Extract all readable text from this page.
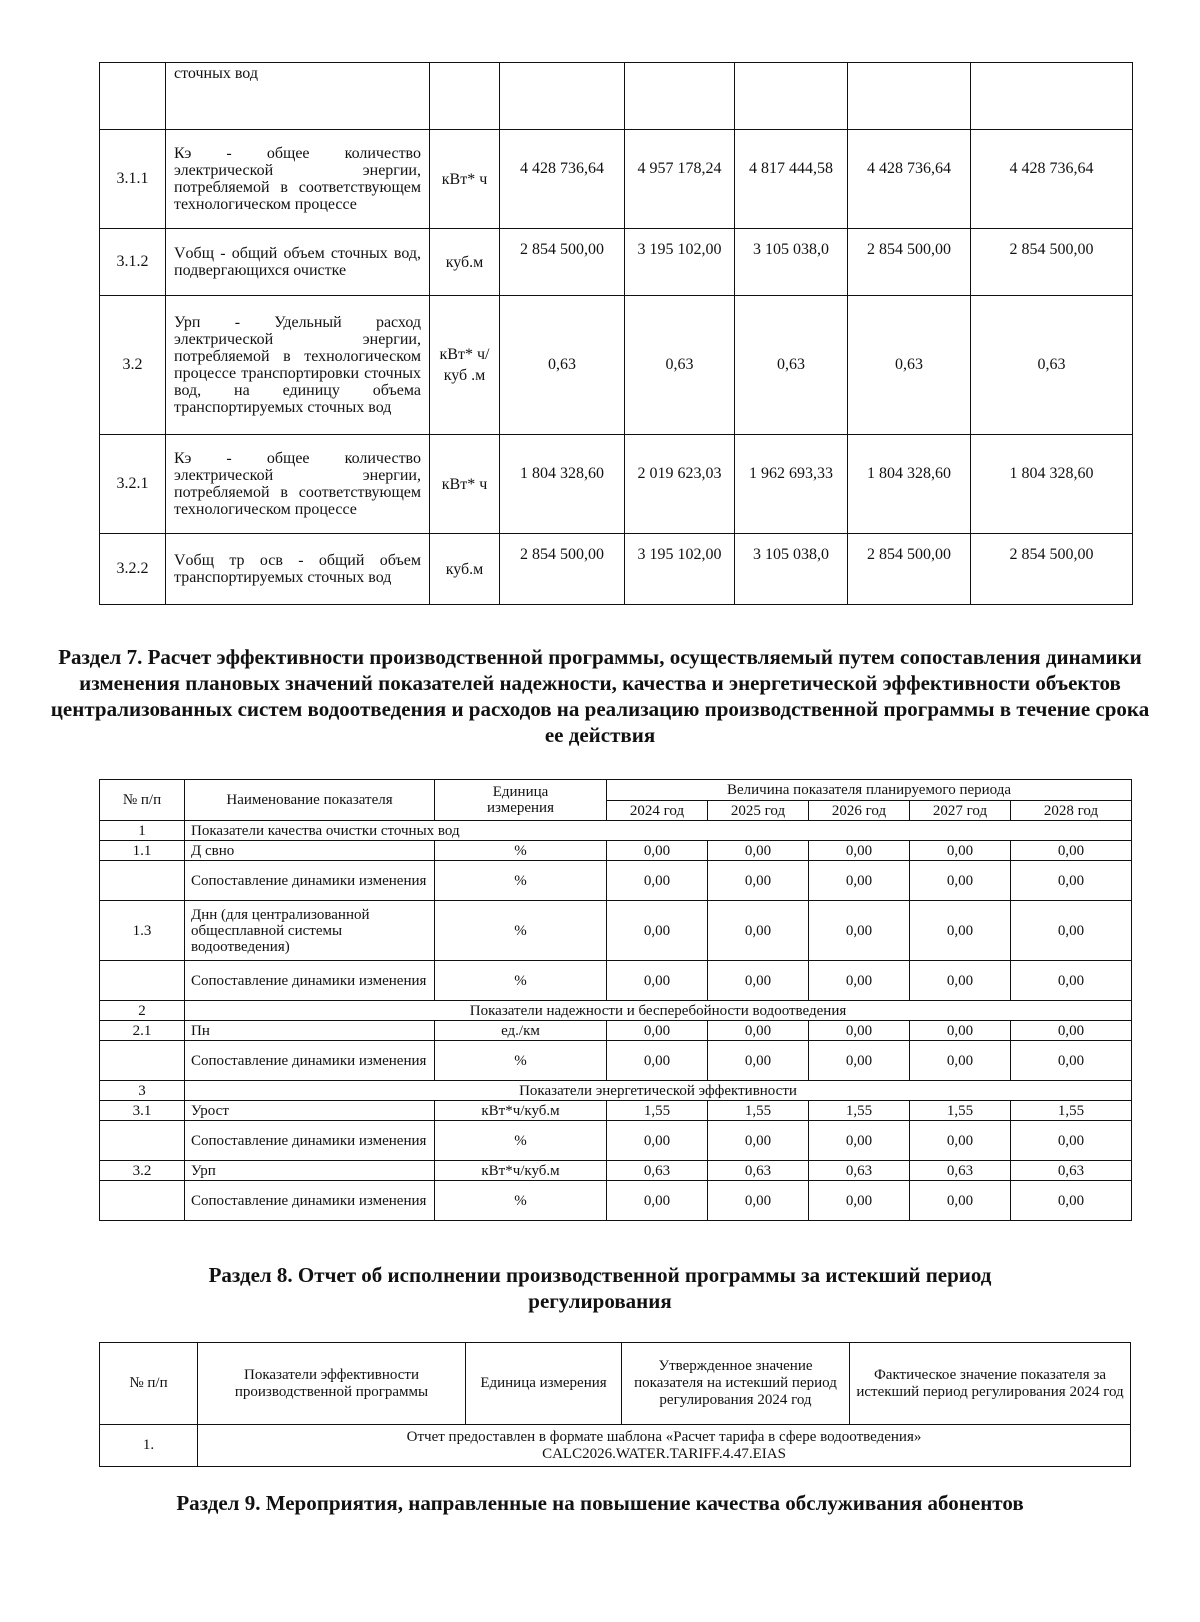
	сточных вод						
3.1.1	Кэ - общее количество электрической энергии, потребляемой в соответствующем технологическом процессе	кВт* ч	4 428 736,64	4 957 178,24	4 817 444,58	4 428 736,64	4 428 736,64
3.1.2	Vобщ - общий объем сточных вод, подвергающихся очистке	куб.м	2 854 500,00	3 195 102,00	3 105 038,0	2 854 500,00	2 854 500,00
3.2	Урп - Удельный расход электрической энергии, потребляемой в технологическом процессе транспортировки сточных вод, на единицу объема транспортируемых сточных вод	кВт* ч/куб .м	0,63	0,63	0,63	0,63	0,63
3.2.1	Кэ - общее количество электрической энергии, потребляемой в соответствующем технологическом процессе	кВт* ч	1 804 328,60	2 019 623,03	1 962 693,33	1 804 328,60	1 804 328,60
3.2.2	Vобщ тр осв - общий объем транспортируемых сточных вод	куб.м	2 854 500,00	3 195 102,00	3 105 038,0	2 854 500,00	2 854 500,00
Раздел 7. Расчет эффективности производственной программы, осуществляемый путем сопоставления динамики изменения плановых значений показателей надежности, качества и энергетической эффективности объектов централизованных систем водоотведения и расходов на реализацию производственной программы в течение срока ее действия
№ п/п	Наименование показателя	Единица измерения	Величина показателя планируемого периода				
			2024 год	2025 год	2026 год	2027 год	2028 год
1	Показатели качества очистки сточных вод						
1.1	Д свно	%	0,00	0,00	0,00	0,00	0,00
	Сопоставление динамики изменения	%	0,00	0,00	0,00	0,00	0,00
1.3	Днн (для централизованной общесплавной системы водоотведения)	%	0,00	0,00	0,00	0,00	0,00
	Сопоставление динамики изменения	%	0,00	0,00	0,00	0,00	0,00
2	Показатели надежности и бесперебойности водоотведения						
2.1	Пн	ед./км	0,00	0,00	0,00	0,00	0,00
	Сопоставление динамики изменения	%	0,00	0,00	0,00	0,00	0,00
3	Показатели энергетической эффективности						
3.1	Урост	кВт*ч/куб.м	1,55	1,55	1,55	1,55	1,55
	Сопоставление динамики изменения	%	0,00	0,00	0,00	0,00	0,00
3.2	Урп	кВт*ч/куб.м	0,63	0,63	0,63	0,63	0,63
	Сопоставление динамики изменения	%	0,00	0,00	0,00	0,00	0,00
Раздел 8. Отчет об исполнении производственной программы за истекший период регулирования
№ п/п	Показатели эффективности производственной программы	Единица измерения	Утвержденное значение показателя на истекший период регулирования 2024 год	Фактическое значение показателя за истекший период регулирования 2024 год
1.	Отчет предоставлен в формате шаблона «Расчет тарифа в сфере водоотведения»
CALC2026.WATER.TARIFF.4.47.EIAS			
Раздел 9. Мероприятия, направленные на повышение качества обслуживания абонентов
